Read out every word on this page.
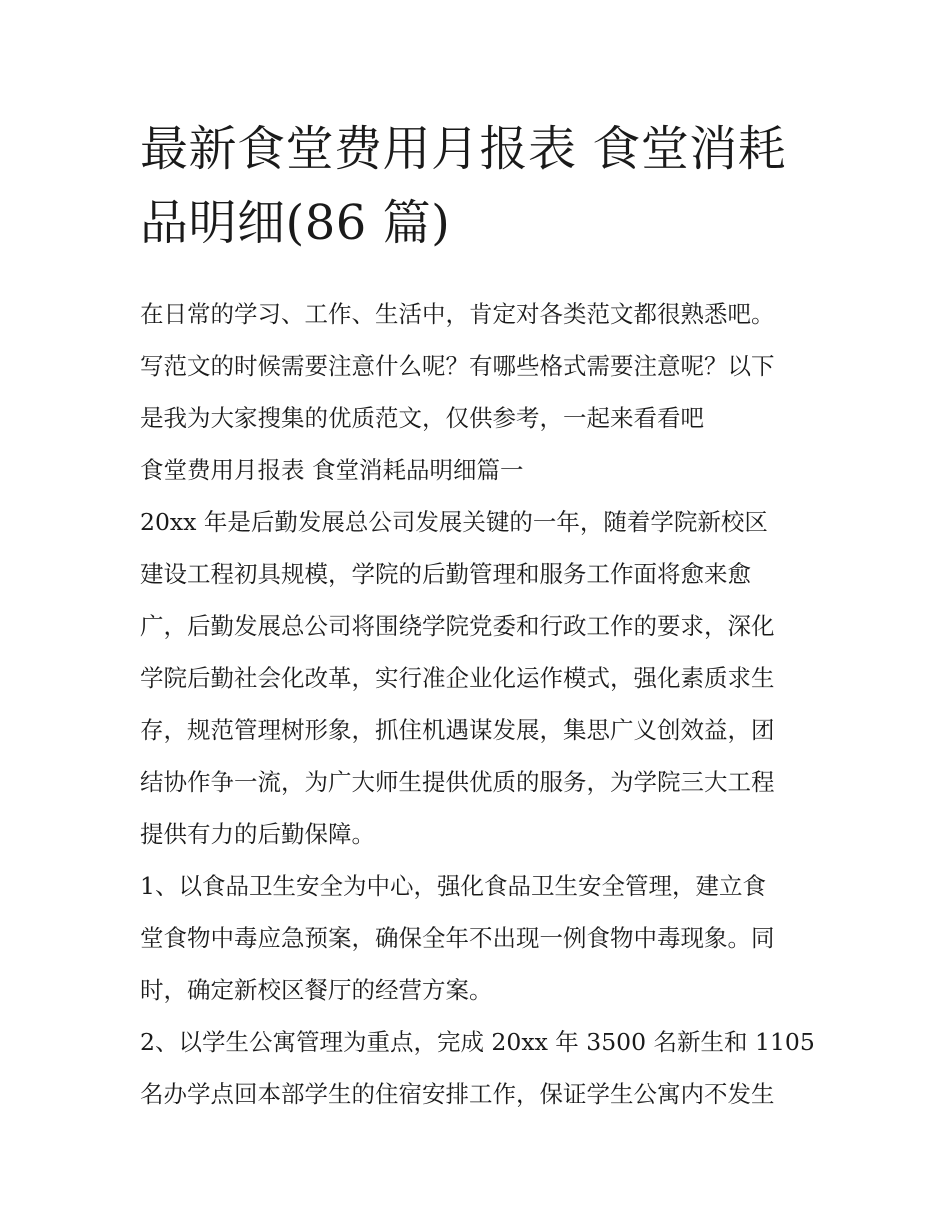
最新食堂费用月报表 食堂消耗
品明细(86 篇)
在日常的学习、工作、生活中，肯定对各类范文都很熟悉吧。
写范文的时候需要注意什么呢？有哪些格式需要注意呢？以下
是我为大家搜集的优质范文，仅供参考，一起来看看吧
食堂费用月报表 食堂消耗品明细篇一
20xx 年是后勤发展总公司发展关键的一年，随着学院新校区
建设工程初具规模，学院的后勤管理和服务工作面将愈来愈
广，后勤发展总公司将围绕学院党委和行政工作的要求，深化
学院后勤社会化改革，实行准企业化运作模式，强化素质求生
存，规范管理树形象，抓住机遇谋发展，集思广义创效益，团
结协作争一流，为广大师生提供优质的服务，为学院三大工程
提供有力的后勤保障。
1、以食品卫生安全为中心，强化食品卫生安全管理，建立食
堂食物中毒应急预案，确保全年不出现一例食物中毒现象。同
时，确定新校区餐厅的经营方案。
2、以学生公寓管理为重点，完成 20xx 年 3500 名新生和 1105
名办学点回本部学生的住宿安排工作，保证学生公寓内不发生
